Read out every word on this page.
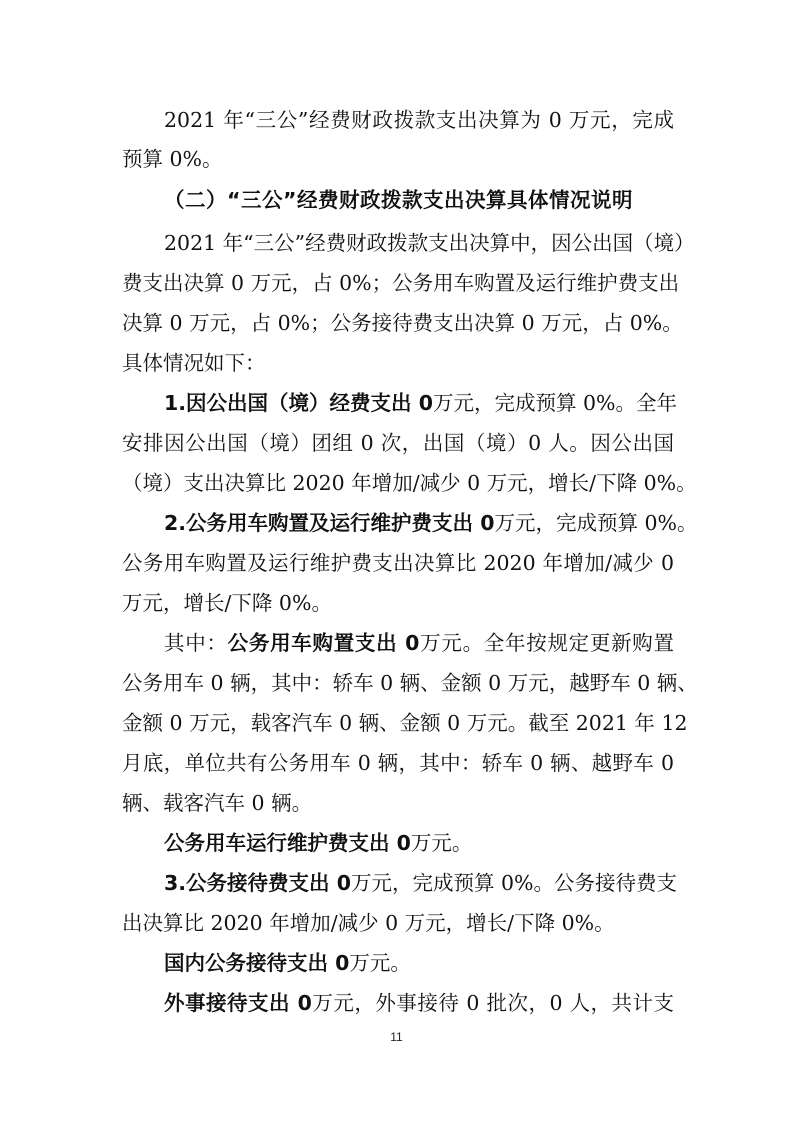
2021 年“三公”经费财政拨款支出决算为 0 万元，完成
预算 0%。
（二）“三公”经费财政拨款支出决算具体情况说明
2021 年“三公”经费财政拨款支出决算中，因公出国（境）
费支出决算 0 万元，占 0%；公务用车购置及运行维护费支出
决算 0 万元，占 0%；公务接待费支出决算 0 万元，占 0%。
具体情况如下：
1.因公出国（境）经费支出 0万元，完成预算 0%。全年
安排因公出国（境）团组 0 次，出国（境）0 人。因公出国
（境）支出决算比 2020 年增加/减少 0 万元，增长/下降 0%。
2.公务用车购置及运行维护费支出 0万元，完成预算 0%。
公务用车购置及运行维护费支出决算比 2020 年增加/减少 0
万元，增长/下降 0%。
其中：公务用车购置支出 0万元。全年按规定更新购置
公务用车 0 辆，其中：轿车 0 辆、金额 0 万元，越野车 0 辆、
金额 0 万元，载客汽车 0 辆、金额 0 万元。截至 2021 年 12
月底，单位共有公务用车 0 辆，其中：轿车 0 辆、越野车 0
辆、载客汽车 0 辆。
公务用车运行维护费支出 0万元。
3.公务接待费支出 0万元，完成预算 0%。公务接待费支
出决算比 2020 年增加/减少 0 万元，增长/下降 0%。
国内公务接待支出 0万元。
外事接待支出 0万元，外事接待 0 批次，0 人，共计支
11
